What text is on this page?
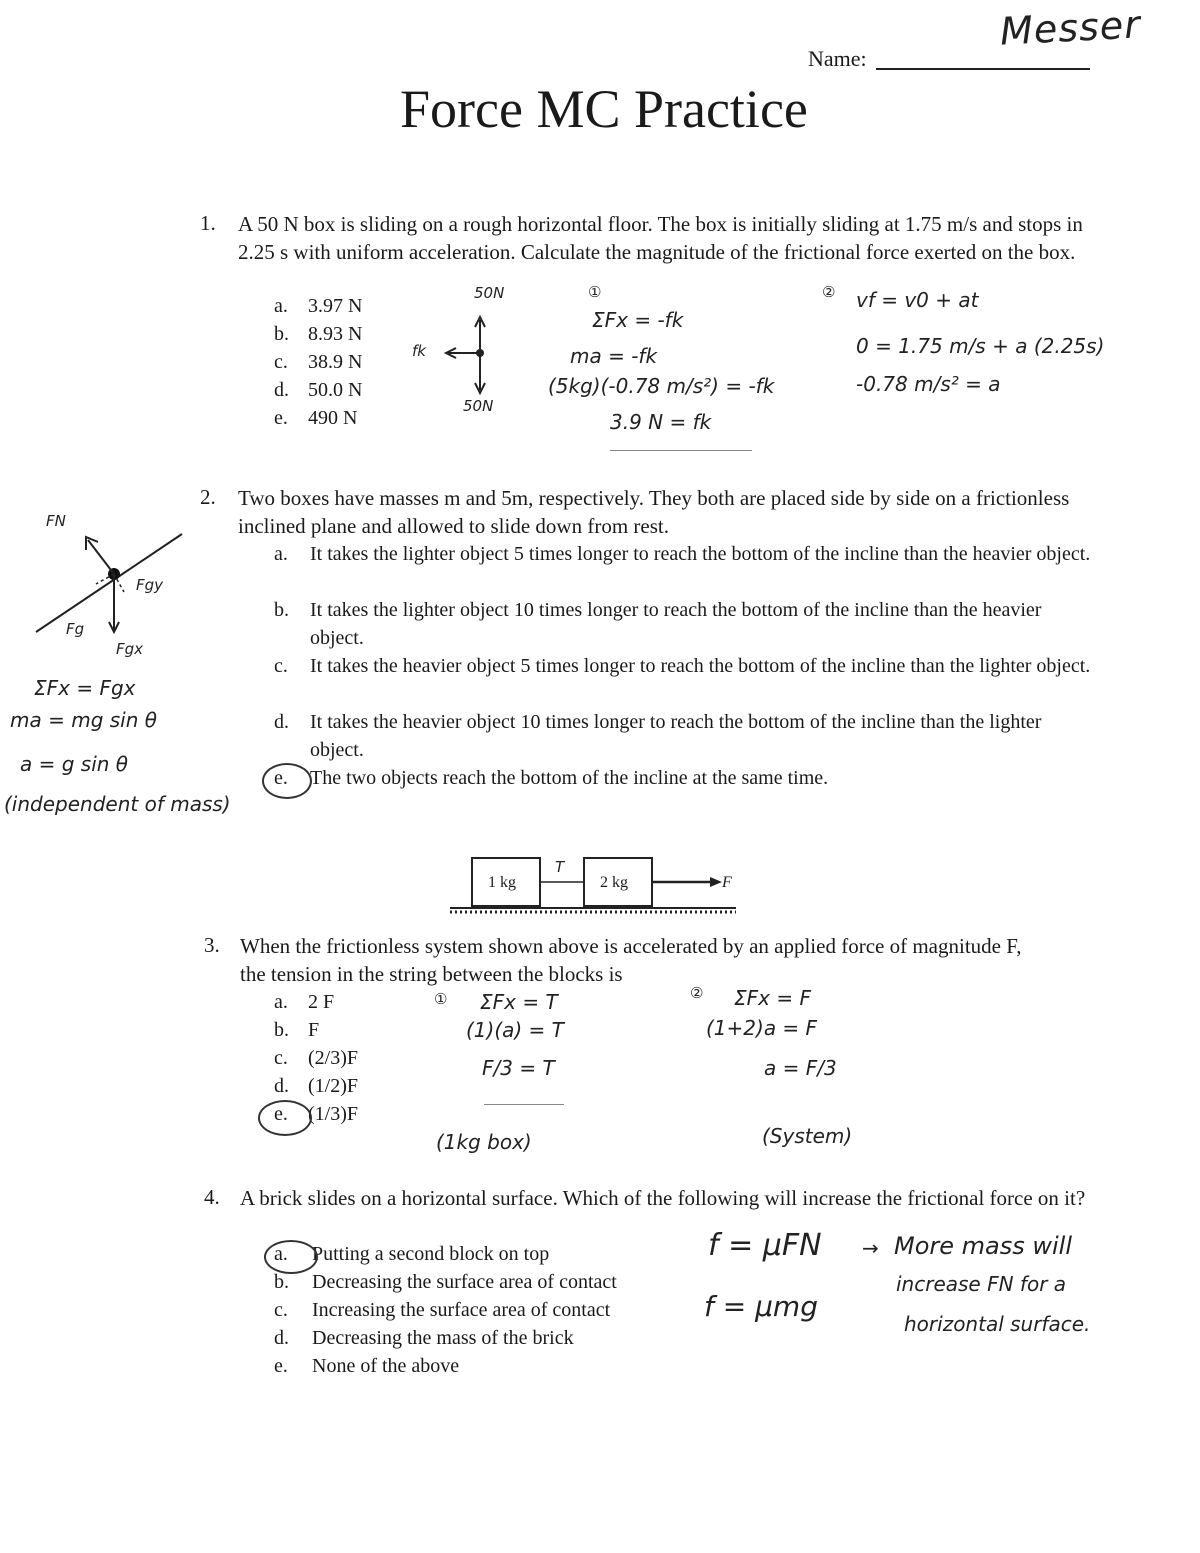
Messer
Name:
Force MC Practice
1. A 50 N box is sliding on a rough horizontal floor. The box is initially sliding at 1.75 m/s and stops in 2.25 s with uniform acceleration. Calculate the magnitude of the frictional force exerted on the box.
a. 3.97 N
b. 8.93 N
c. 38.9 N
d. 50.0 N
e. 490 N
50N
50N
fk
①
ΣFx = -fk
ma = -fk
(5kg)(-0.78 m/s²) = -fk
3.9 N = fk
② vf = v0 + at
0 = 1.75 m/s + a (2.25s)
-0.78 m/s² = a
2. Two boxes have masses m and 5m, respectively. They both are placed side by side on a frictionless inclined plane and allowed to slide down from rest.
a. It takes the lighter object 5 times longer to reach the bottom of the incline than the heavier object.
b. It takes the lighter object 10 times longer to reach the bottom of the incline than the heavier object.
c. It takes the heavier object 5 times longer to reach the bottom of the incline than the lighter object.
d. It takes the heavier object 10 times longer to reach the bottom of the incline than the lighter object.
e. The two objects reach the bottom of the incline at the same time.
FN
Fgy
Fg
Fgx
ΣFx = Fgx
ma = mg sin θ
a = g sin θ
(independent of mass)
1 kg	2 kg
T
F
3. When the frictionless system shown above is accelerated by an applied force of magnitude F, the tension in the string between the blocks is
a. 2 F
b. F
c. (2/3)F
d. (1/2)F
e. (1/3)F
① ΣFx = T
(1)(a) = T
F/3 = T
(1kg box)
② ΣFx = F
(1+2)a = F
a = F/3
(System)
4. A brick slides on a horizontal surface. Which of the following will increase the frictional force on it?
a. Putting a second block on top
b. Decreasing the surface area of contact
c. Increasing the surface area of contact
d. Decreasing the mass of the brick
e. None of the above
f = μFN
f = μmg
→ More mass will
increase FN for a
horizontal surface.
